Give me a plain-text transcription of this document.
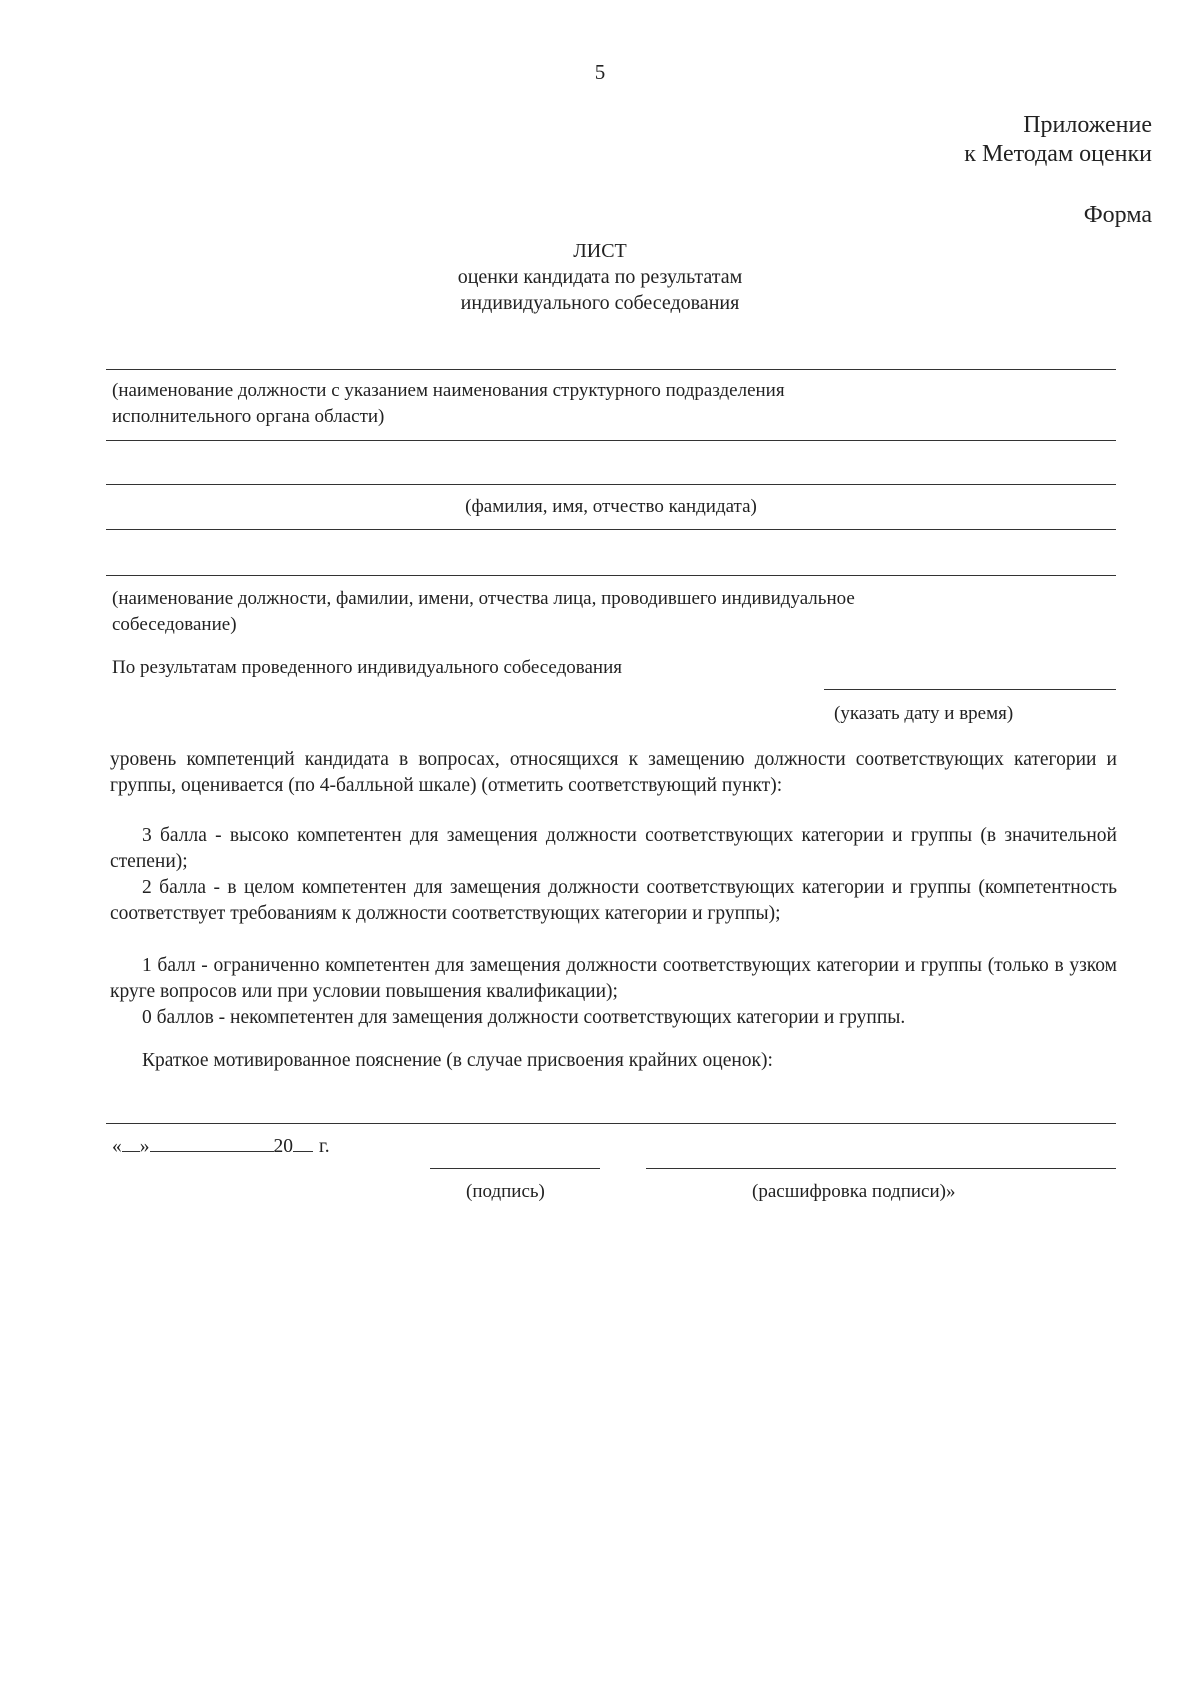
5
Приложение
к Методам оценки
Форма
ЛИСТ
оценки кандидата по результатам
индивидуального собеседования
(наименование должности с указанием наименования структурного подразделения
исполнительного органа области)
(фамилия, имя, отчество кандидата)
(наименование должности, фамилии, имени, отчества лица, проводившего индивидуальное
собеседование)
По результатам проведенного индивидуального собеседования
(указать дату и время)
уровень компетенций кандидата в вопросах, относящихся к замещению должности соответствующих категории и группы, оценивается (по 4-балльной шкале) (отметить соответствующий пункт):
3 балла - высоко компетентен для замещения должности соответствующих категории и группы (в значительной степени);
2 балла - в целом компетентен для замещения должности соответствующих категории и группы (компетентность соответствует требованиям к должности соответствующих категории и группы);
1 балл - ограниченно компетентен для замещения должности соответствующих категории и группы (только в узком круге вопросов или при условии повышения квалификации);
0 баллов - некомпетентен для замещения должности соответствующих категории и группы.
Краткое мотивированное пояснение (в случае присвоения крайних оценок):
« »	20 г.
(подпись)	(расшифровка подписи)»
